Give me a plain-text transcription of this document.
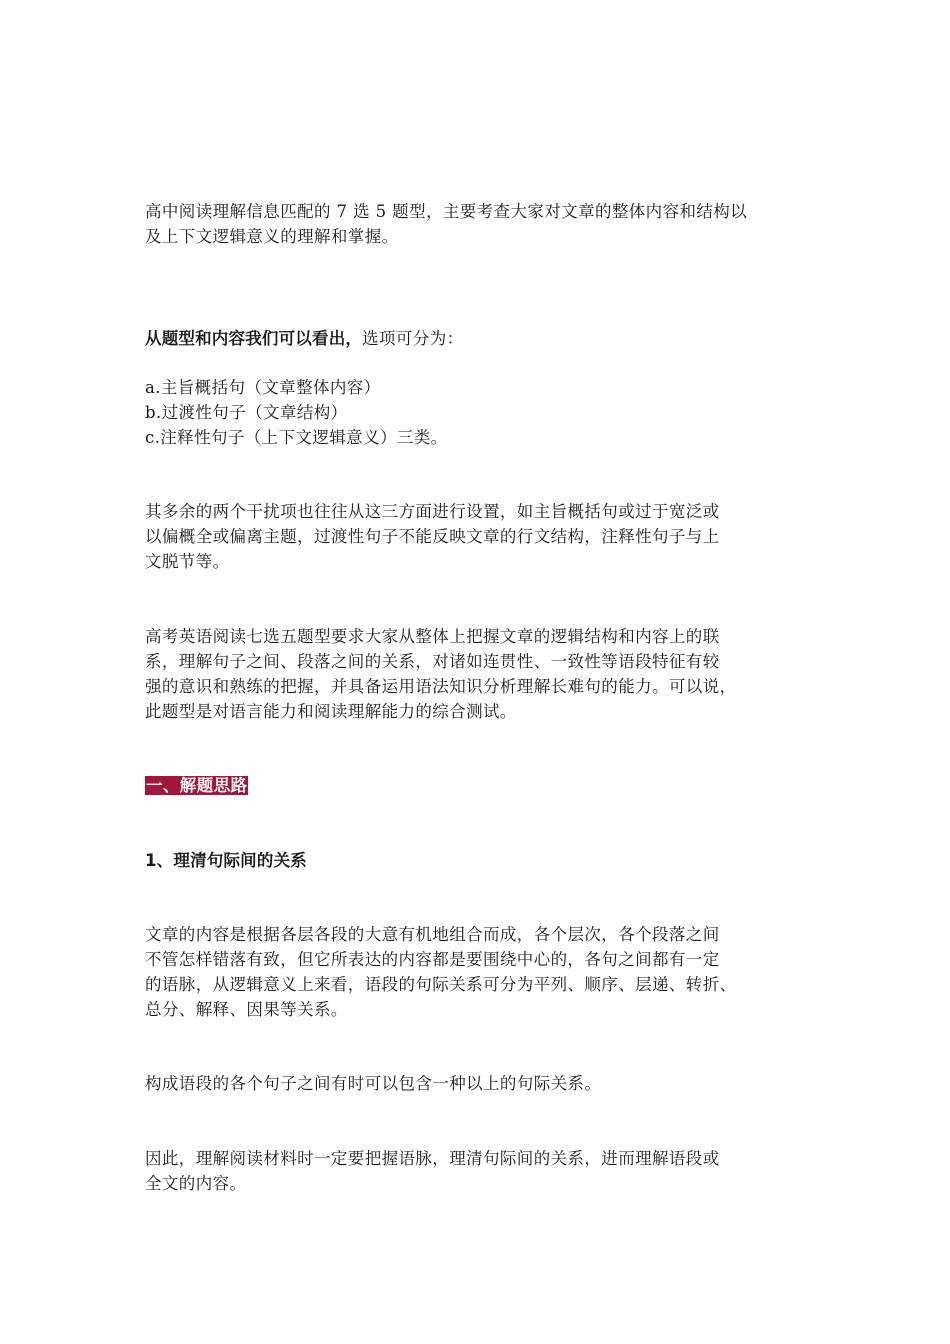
高中阅读理解信息匹配的 7 选 5 题型，主要考查大家对文章的整体内容和结构以
及上下文逻辑意义的理解和掌握。

从题型和内容我们可以看出，选项可分为：

a.主旨概括句（文章整体内容）
b.过渡性句子（文章结构）
c.注释性句子（上下文逻辑意义）三类。

其多余的两个干扰项也往往从这三方面进行设置，如主旨概括句或过于宽泛或
以偏概全或偏离主题，过渡性句子不能反映文章的行文结构，注释性句子与上
文脱节等。

高考英语阅读七选五题型要求大家从整体上把握文章的逻辑结构和内容上的联
系，理解句子之间、段落之间的关系，对诸如连贯性、一致性等语段特征有较
强的意识和熟练的把握，并具备运用语法知识分析理解长难句的能力。可以说，
此题型是对语言能力和阅读理解能力的综合测试。

一、解题思路

1、理清句际间的关系

文章的内容是根据各层各段的大意有机地组合而成，各个层次，各个段落之间
不管怎样错落有致，但它所表达的内容都是要围绕中心的，各句之间都有一定
的语脉，从逻辑意义上来看，语段的句际关系可分为平列、顺序、层递、转折、
总分、解释、因果等关系。

构成语段的各个句子之间有时可以包含一种以上的句际关系。

因此，理解阅读材料时一定要把握语脉，理清句际间的关系，进而理解语段或
全文的内容。
